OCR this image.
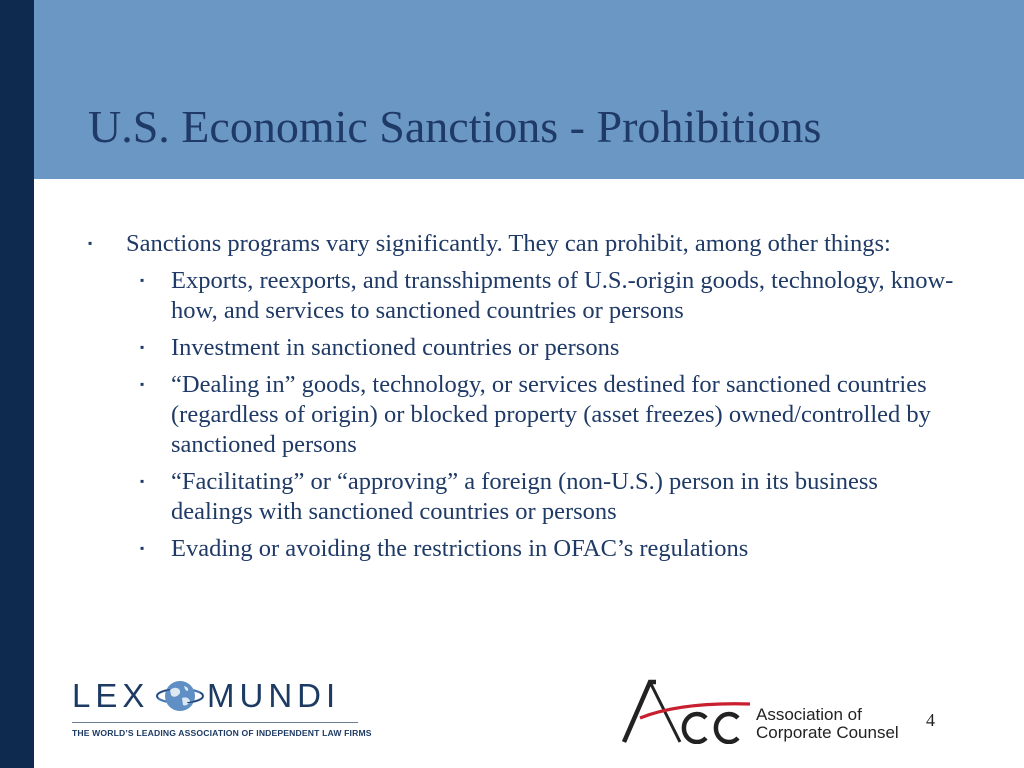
U.S. Economic Sanctions - Prohibitions
▪ Sanctions programs vary significantly. They can prohibit, among other things:
▪ Exports, reexports, and transshipments of U.S.-origin goods, technology, know-how, and services to sanctioned countries or persons
▪ Investment in sanctioned countries or persons
▪ “Dealing in” goods, technology, or services destined for sanctioned countries (regardless of origin) or blocked property (asset freezes) owned/controlled by sanctioned persons
▪ “Facilitating” or “approving” a foreign (non-U.S.) person in its business dealings with sanctioned countries or persons
▪ Evading or avoiding the restrictions in OFAC’s regulations
LEX MUNDI
THE WORLD’S LEADING ASSOCIATION OF INDEPENDENT LAW FIRMS
Association of
Corporate Counsel
4
